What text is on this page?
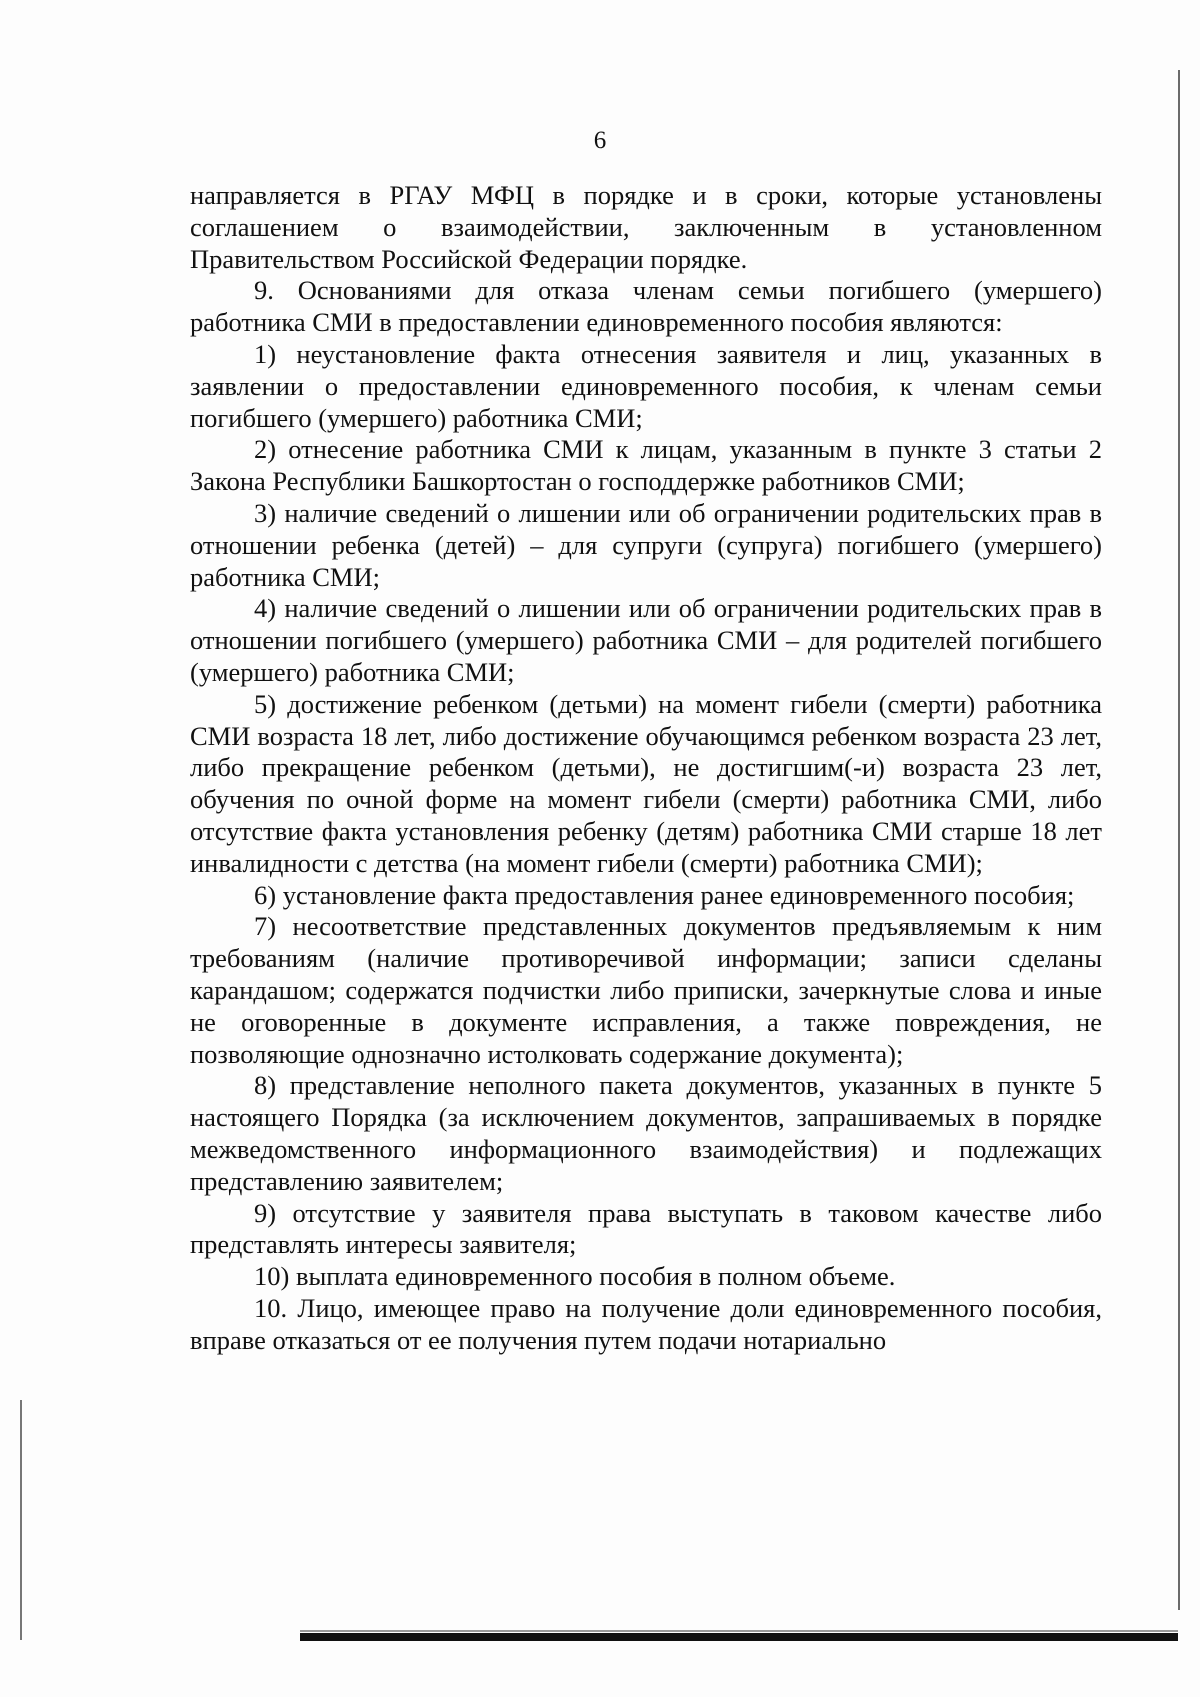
6

направляется в РГАУ МФЦ в порядке и в сроки, которые установлены соглашением о взаимодействии, заключенным в установленном Правительством Российской Федерации порядке.

9. Основаниями для отказа членам семьи погибшего (умершего) работника СМИ в предоставлении единовременного пособия являются:

1) неустановление факта отнесения заявителя и лиц, указанных в заявлении о предоставлении единовременного пособия, к членам семьи погибшего (умершего) работника СМИ;

2) отнесение работника СМИ к лицам, указанным в пункте 3 статьи 2 Закона Республики Башкортостан о господдержке работников СМИ;

3) наличие сведений о лишении или об ограничении родительских прав в отношении ребенка (детей) – для супруги (супруга) погибшего (умершего) работника СМИ;

4) наличие сведений о лишении или об ограничении родительских прав в отношении погибшего (умершего) работника СМИ – для родителей погибшего (умершего) работника СМИ;

5) достижение ребенком (детьми) на момент гибели (смерти) работника СМИ возраста 18 лет, либо достижение обучающимся ребенком возраста 23 лет, либо прекращение ребенком (детьми), не достигшим(-и) возраста 23 лет, обучения по очной форме на момент гибели (смерти) работника СМИ, либо отсутствие факта установления ребенку (детям) работника СМИ старше 18 лет инвалидности с детства (на момент гибели (смерти) работника СМИ);

6) установление факта предоставления ранее единовременного пособия;

7) несоответствие представленных документов предъявляемым к ним требованиям (наличие противоречивой информации; записи сделаны карандашом; содержатся подчистки либо приписки, зачеркнутые слова и иные не оговоренные в документе исправления, а также повреждения, не позволяющие однозначно истолковать содержание документа);

8) представление неполного пакета документов, указанных в пункте 5 настоящего Порядка (за исключением документов, запрашиваемых в порядке межведомственного информационного взаимодействия) и подлежащих представлению заявителем;

9) отсутствие у заявителя права выступать в таковом качестве либо представлять интересы заявителя;

10) выплата единовременного пособия в полном объеме.

10. Лицо, имеющее право на получение доли единовременного пособия, вправе отказаться от ее получения путем подачи нотариально
